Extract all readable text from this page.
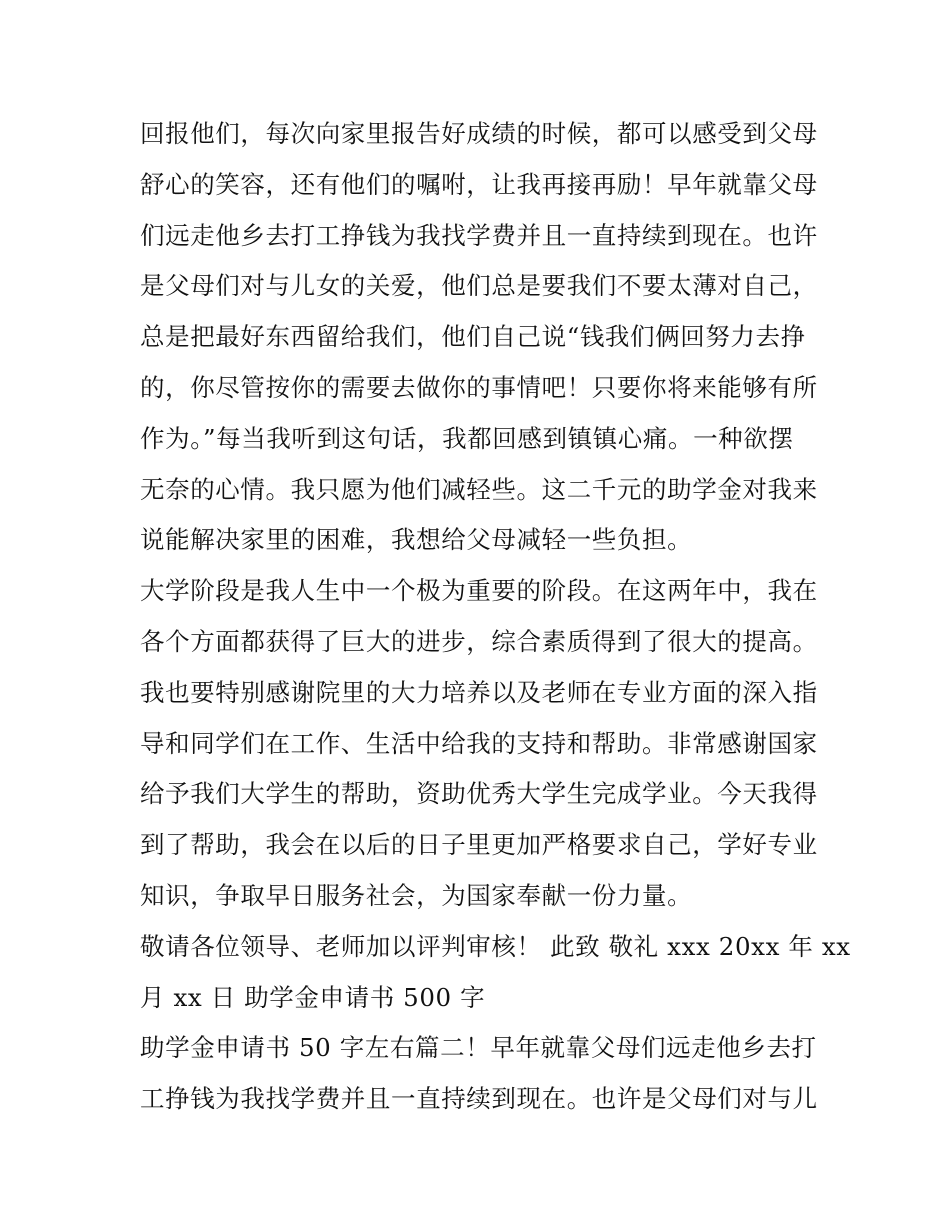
回报他们，每次向家里报告好成绩的时候，都可以感受到父母
舒心的笑容，还有他们的嘱咐，让我再接再励！早年就靠父母
们远走他乡去打工挣钱为我找学费并且一直持续到现在。也许
是父母们对与儿女的关爱，他们总是要我们不要太薄对自己，
总是把最好东西留给我们，他们自己说“钱我们俩回努力去挣
的，你尽管按你的需要去做你的事情吧！只要你将来能够有所
作为。”每当我听到这句话，我都回感到镇镇心痛。一种欲摆
无奈的心情。我只愿为他们减轻些。这二千元的助学金对我来
说能解决家里的困难，我想给父母减轻一些负担。
大学阶段是我人生中一个极为重要的阶段。在这两年中，我在
各个方面都获得了巨大的进步，综合素质得到了很大的提高。
我也要特别感谢院里的大力培养以及老师在专业方面的深入指
导和同学们在工作、生活中给我的支持和帮助。非常感谢国家
给予我们大学生的帮助，资助优秀大学生完成学业。今天我得
到了帮助，我会在以后的日子里更加严格要求自己，学好专业
知识，争取早日服务社会，为国家奉献一份力量。
敬请各位领导、老师加以评判审核！ 此致 敬礼 xxx 20xx 年 xx
月 xx 日 助学金申请书 500 字
助学金申请书 50 字左右篇二！早年就靠父母们远走他乡去打
工挣钱为我找学费并且一直持续到现在。也许是父母们对与儿
